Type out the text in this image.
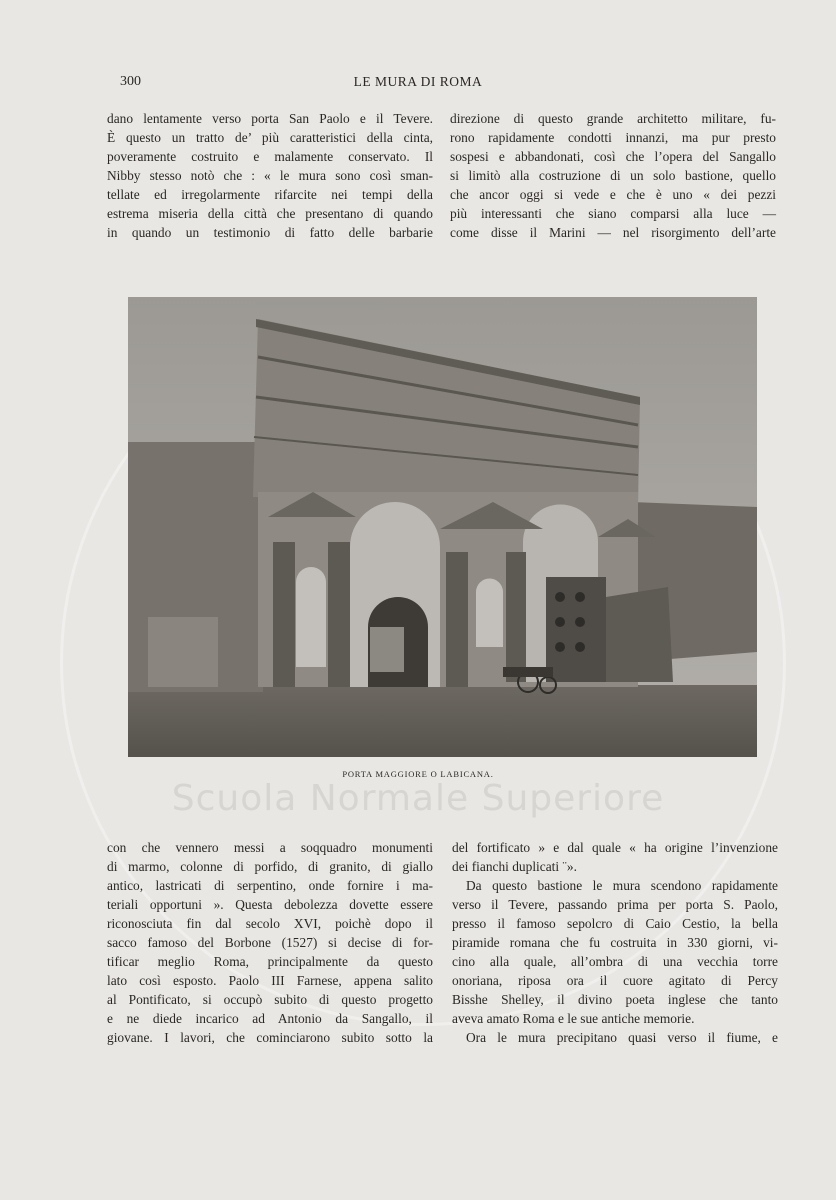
300	LE MURA DI ROMA

dano lentamente verso porta San Paolo e il Tevere.

È questo un tratto de’ più caratteristici della cinta,

poveramente costruito e malamente conservato. Il

Nibby stesso notò che : « le mura sono così sman-

tellate ed irregolarmente rifarcite nei tempi della

estrema miseria della città che presentano di quando

in quando un testimonio di fatto delle barbarie

direzione di questo grande architetto militare, fu-

rono rapidamente condotti innanzi, ma pur presto

sospesi e abbandonati, così che l’opera del Sangallo

si limitò alla costruzione di un solo bastione, quello

che ancor oggi si vede e che è uno « dei pezzi

più interessanti che siano comparsi alla luce —

come disse il Marini — nel risorgimento dell’arte

PORTA MAGGIORE O LABICANA.
Scuola Normale Superiore

con che vennero messi a soqquadro monumenti

di marmo, colonne di porfido, di granito, di giallo

antico, lastricati di serpentino, onde fornire i ma-

teriali opportuni ». Questa debolezza dovette essere

riconosciuta fin dal secolo XVI, poichè dopo il

sacco famoso del Borbone (1527) si decise di for-

tificar meglio Roma, principalmente da questo

lato così esposto. Paolo III Farnese, appena salito

al Pontificato, si occupò subito di questo progetto

e ne diede incarico ad Antonio da Sangallo, il

giovane. I lavori, che cominciarono subito sotto la

del fortificato » e dal quale « ha origine l’invenzione

dei fianchi duplicati ¨».

Da questo bastione le mura scendono rapidamente

verso il Tevere, passando prima per porta S. Paolo,

presso il famoso sepolcro di Caio Cestio, la bella

piramide romana che fu costruita in 330 giorni, vi-

cino alla quale, all’ombra di una vecchia torre

onoriana, riposa ora il cuore agitato di Percy

Bisshe Shelley, il divino poeta inglese che tanto

aveva amato Roma e le sue antiche memorie.

Ora le mura precipitano quasi verso il fiume, e
